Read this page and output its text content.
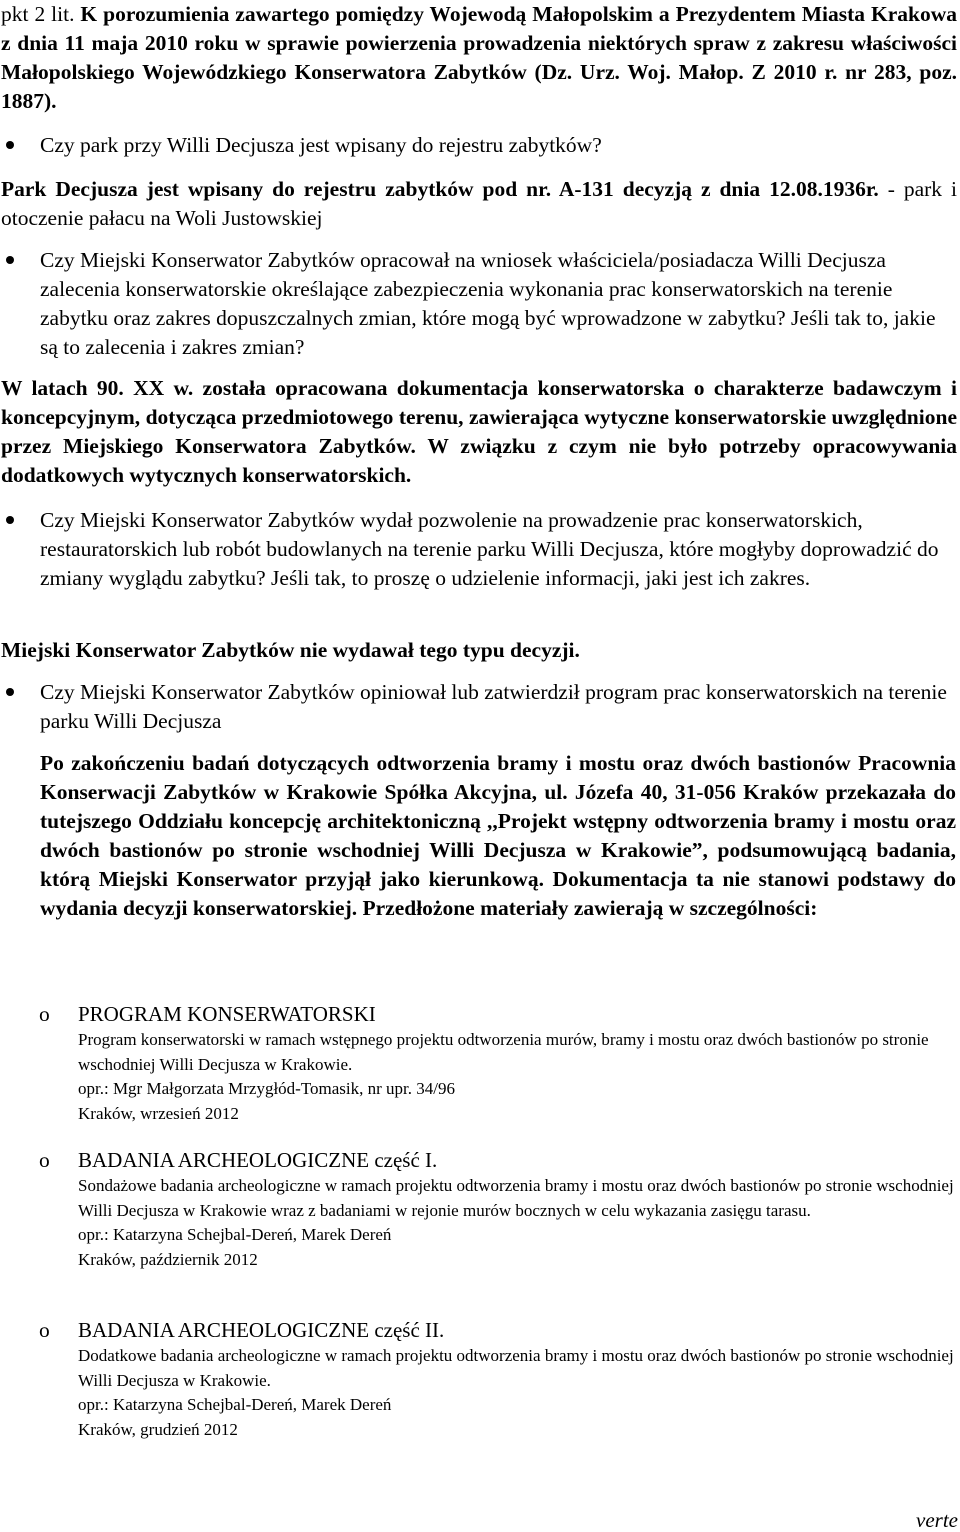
pkt 2 lit. K porozumienia zawartego pomiędzy Wojewodą Małopolskim a Prezydentem Miasta Krakowa z dnia 11 maja 2010 roku w sprawie powierzenia prowadzenia niektórych spraw z zakresu właściwości Małopolskiego Wojewódzkiego Konserwatora Zabytków (Dz. Urz. Woj. Małop. Z 2010 r. nr 283, poz. 1887).

Czy park przy Willi Decjusza jest wpisany do rejestru zabytków?

Park Decjusza jest wpisany do rejestru zabytków pod nr. A-131 decyzją z dnia 12.08.1936r. - park i otoczenie pałacu na Woli Justowskiej

Czy Miejski Konserwator Zabytków opracował na wniosek właściciela/posiadacza Willi Decjusza zalecenia konserwatorskie określające zabezpieczenia wykonania prac konserwatorskich na terenie zabytku oraz zakres dopuszczalnych zmian, które mogą być wprowadzone w zabytku? Jeśli tak to, jakie są to zalecenia i zakres zmian?

W latach 90. XX w. została opracowana dokumentacja konserwatorska o charakterze badawczym i koncepcyjnym, dotycząca przedmiotowego terenu, zawierająca wytyczne konserwatorskie uwzględnione przez Miejskiego Konserwatora Zabytków. W związku z czym nie było potrzeby opracowywania dodatkowych wytycznych konserwatorskich.

Czy Miejski Konserwator Zabytków wydał pozwolenie na prowadzenie prac konserwatorskich, restauratorskich lub robót budowlanych na terenie parku Willi Decjusza, które mogłyby doprowadzić do zmiany wyglądu zabytku? Jeśli tak, to proszę o udzielenie informacji, jaki jest ich zakres.

Miejski Konserwator Zabytków nie wydawał tego typu decyzji.

Czy Miejski Konserwator Zabytków opiniował lub zatwierdził program prac konserwatorskich na terenie parku Willi Decjusza

Po zakończeniu badań dotyczących odtworzenia bramy i mostu oraz dwóch bastionów Pracownia Konserwacji Zabytków w Krakowie Spółka Akcyjna, ul. Józefa 40, 31-056 Kraków przekazała do tutejszego Oddziału koncepcję architektoniczną ,,Projekt wstępny odtworzenia bramy i mostu oraz dwóch bastionów po stronie wschodniej Willi Decjusza w Krakowie”, podsumowującą badania, którą Miejski Konserwator przyjął jako kierunkową. Dokumentacja ta nie stanowi podstawy do wydania decyzji konserwatorskiej. Przedłożone materiały zawierają w szczególności:

o PROGRAM KONSERWATORSKI

Program konserwatorski w ramach wstępnego projektu odtworzenia murów, bramy i mostu oraz dwóch bastionów po stronie wschodniej Willi Decjusza w Krakowie.

opr.: Mgr Małgorzata Mrzygłód-Tomasik, nr upr. 34/96

Kraków, wrzesień 2012

o BADANIA ARCHEOLOGICZNE część I.

Sondażowe badania archeologiczne w ramach projektu odtworzenia bramy i mostu oraz dwóch bastionów po stronie wschodniej Willi Decjusza w Krakowie wraz z badaniami w rejonie murów bocznych w celu wykazania zasięgu tarasu.

opr.: Katarzyna Schejbal-Dereń, Marek Dereń

Kraków, październik 2012

o BADANIA ARCHEOLOGICZNE część II.

Dodatkowe badania archeologiczne w ramach projektu odtworzenia bramy i mostu oraz dwóch bastionów po stronie wschodniej Willi Decjusza w Krakowie.

opr.: Katarzyna Schejbal-Dereń, Marek Dereń

Kraków, grudzień 2012

verte
